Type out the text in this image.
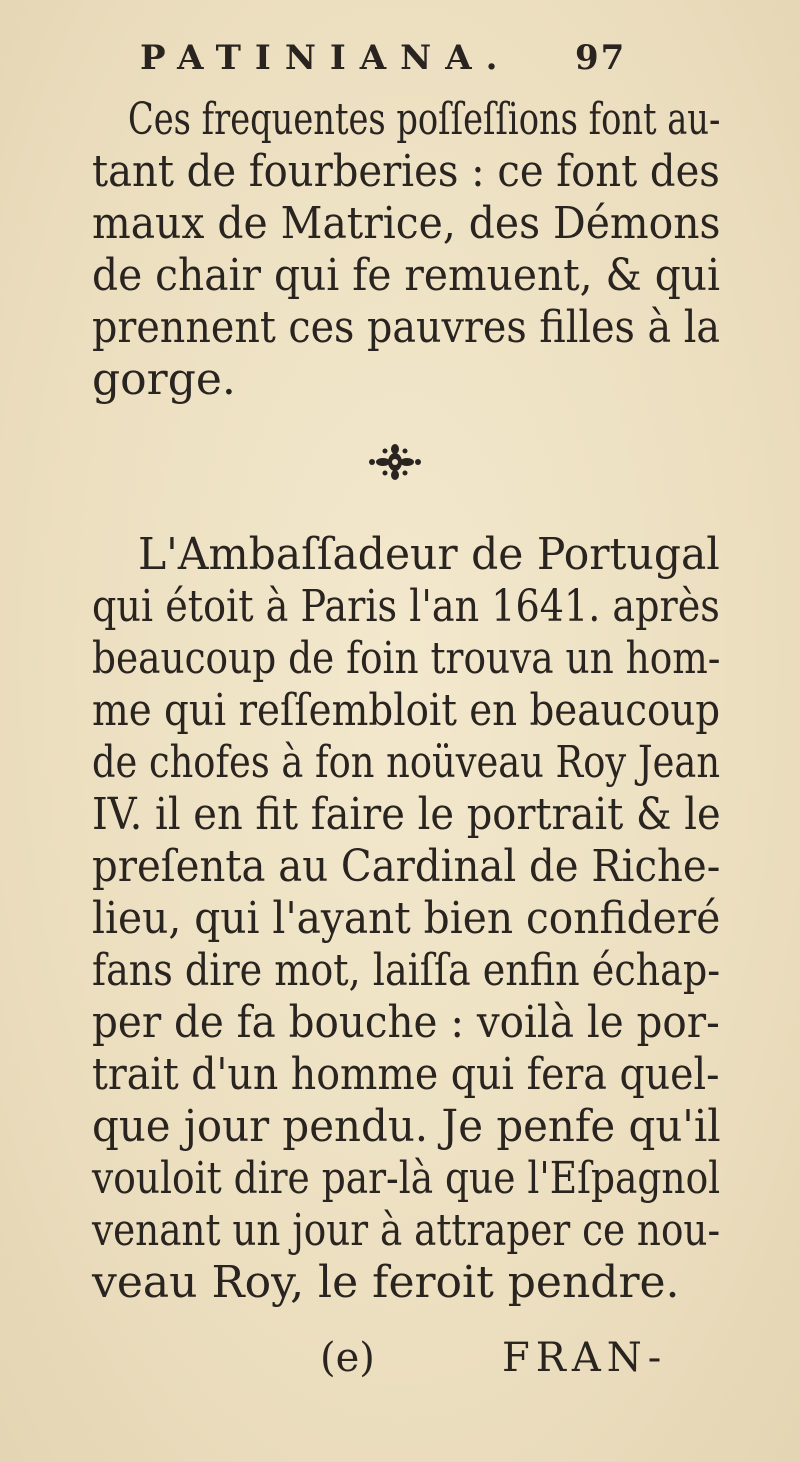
PATINIANA. 97
Ces frequentes poſſeſſions font au-
tant de fourberies : ce font des
maux de Matrice, des Démons
de chair qui fe remuent, & qui
prennent ces pauvres filles à la
gorge.
L'Ambaſſadeur de Portugal
qui étoit à Paris l'an 1641. après
beaucoup de foin trouva un hom-
me qui reſſembloit en beaucoup
de chofes à fon noüveau Roy Jean
IV. il en fit faire le portrait & le
preſenta au Cardinal de Riche-
lieu, qui l'ayant bien confideré
fans dire mot, laiſſa enfin échap-
per de fa bouche : voilà le por-
trait d'un homme qui fera quel-
que jour pendu. Je penfe qu'il
vouloit dire par-là que l'Eſpagnol
venant un jour à attraper ce nou-
veau Roy, le feroit pendre.
(e)	FRAN-
